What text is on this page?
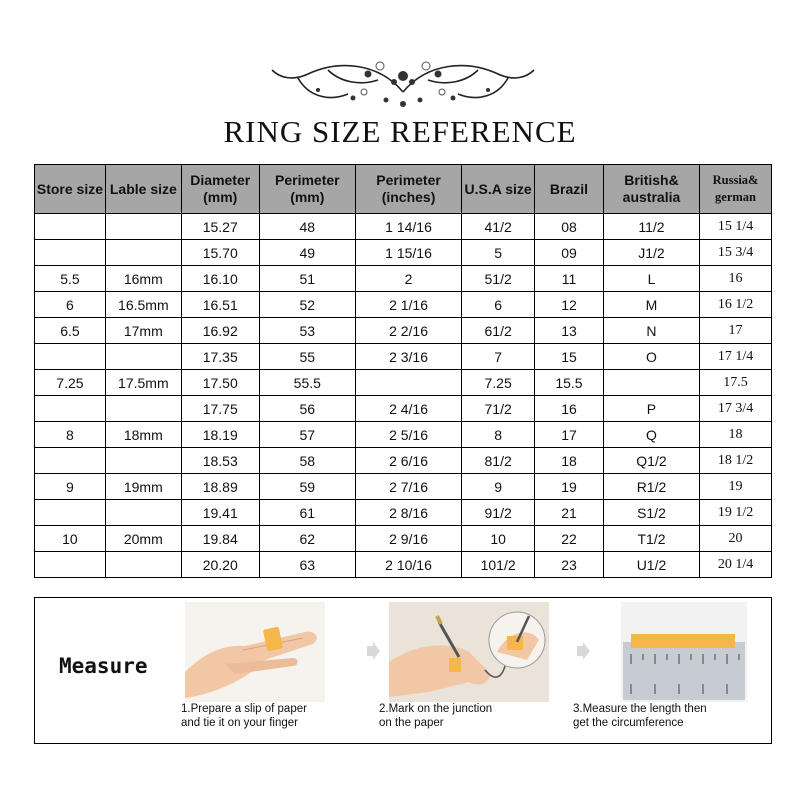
RING SIZE REFERENCE
Store size	Lable size	Diameter (mm)	Perimeter (mm)	Perimeter (inches)	U.S.A size	Brazil	British& australia	Russia& german
		15.27	48	1 14/16	41/2	08	11/2	15 1/4
		15.70	49	1 15/16	5	09	J1/2	15 3/4
5.5	16mm	16.10	51	2	51/2	11	L	16
6	16.5mm	16.51	52	2 1/16	6	12	M	16 1/2
6.5	17mm	16.92	53	2 2/16	61/2	13	N	17
		17.35	55	2 3/16	7	15	O	17 1/4
7.25	17.5mm	17.50	55.5		7.25	15.5		17.5
		17.75	56	2 4/16	71/2	16	P	17 3/4
8	18mm	18.19	57	2 5/16	8	17	Q	18
		18.53	58	2 6/16	81/2	18	Q1/2	18 1/2
9	19mm	18.89	59	2 7/16	9	19	R1/2	19
		19.41	61	2 8/16	91/2	21	S1/2	19 1/2
10	20mm	19.84	62	2 9/16	10	22	T1/2	20
		20.20	63	2 10/16	101/2	23	U1/2	20 1/4
Measure
1.Prepare a slip of paper
and tie it on your finger
2.Mark on the junction
on the paper
3.Measure the length then
get the circumference
